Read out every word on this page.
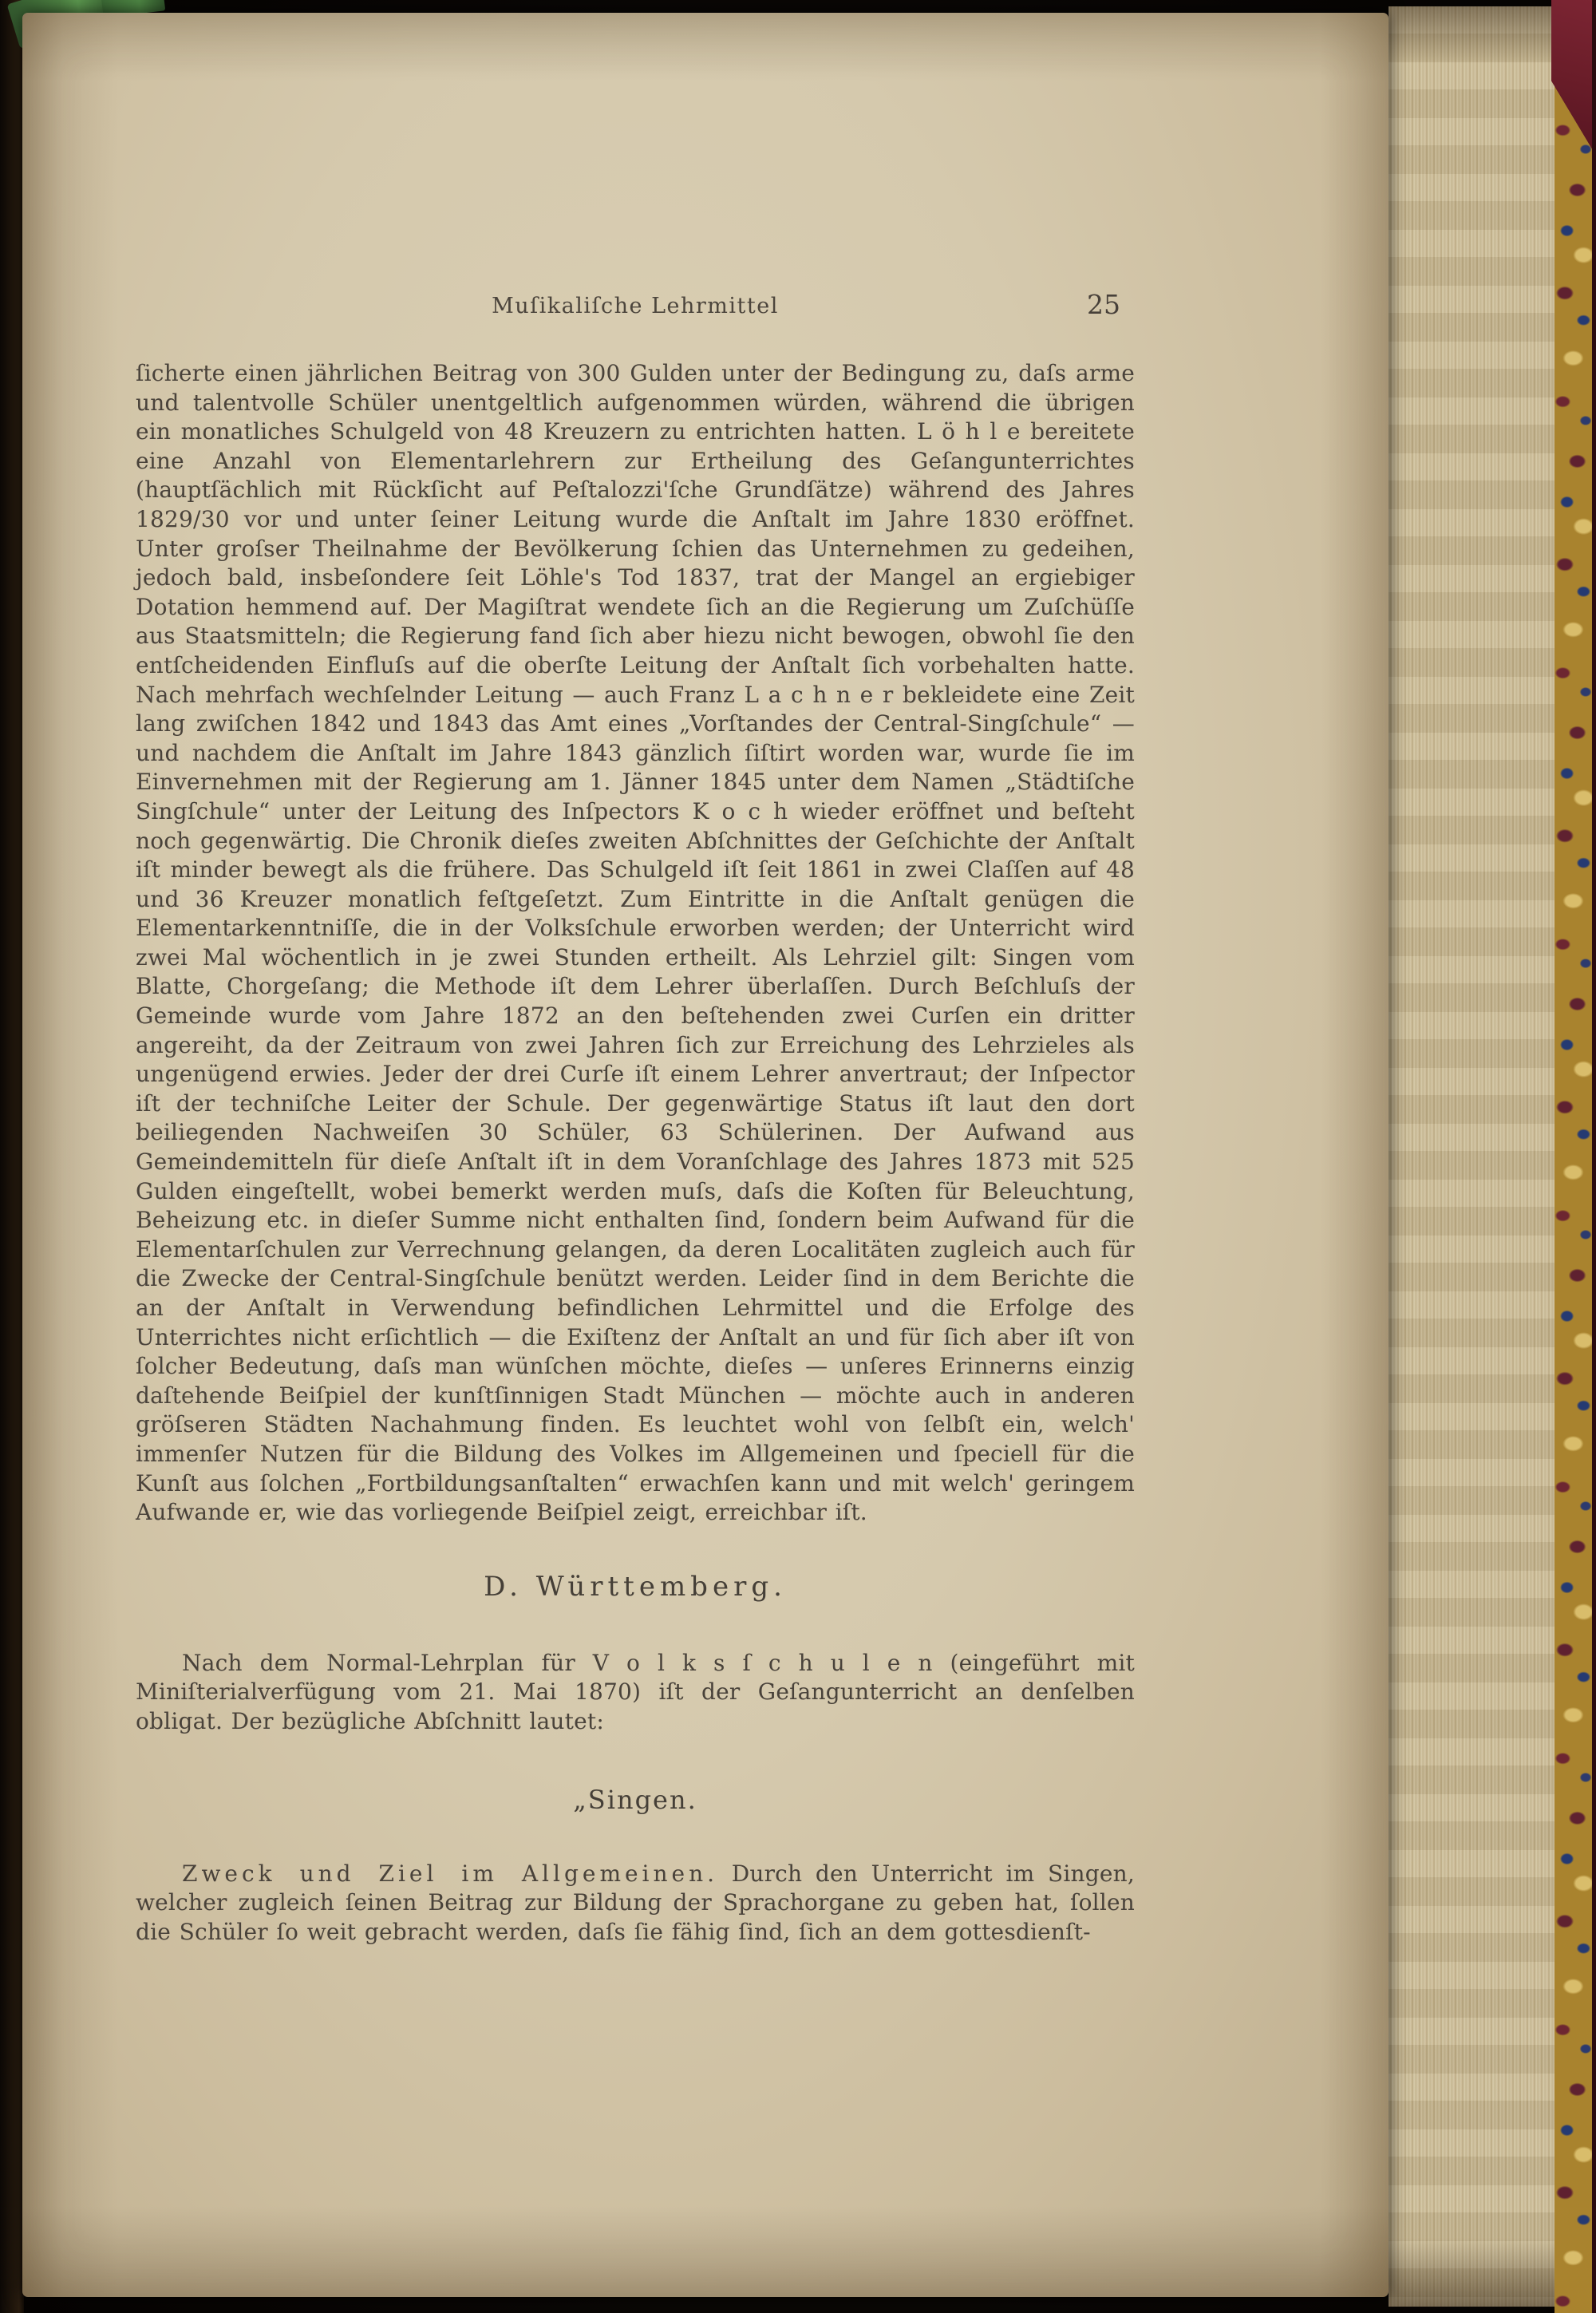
Muſikaliſche Lehrmittel	25

ſicherte einen jährlichen Beitrag von 300 Gulden unter der Bedingung zu, daſs arme und talentvolle Schüler unentgeltlich aufgenommen würden, während die übrigen ein monatliches Schulgeld von 48 Kreuzern zu entrichten hatten. L ö h l e bereitete eine Anzahl von Elementarlehrern zur Ertheilung des Geſangunterrichtes (hauptſächlich mit Rückſicht auf Peſtalozzi'ſche Grundſätze) während des Jahres 1829/30 vor und unter ſeiner Leitung wurde die Anſtalt im Jahre 1830 eröffnet. Unter groſser Theilnahme der Bevölkerung ſchien das Unternehmen zu gedeihen, jedoch bald, insbeſondere ſeit Löhle's Tod 1837, trat der Mangel an ergiebiger Dotation hemmend auf. Der Magiſtrat wendete ſich an die Regierung um Zuſchüſſe aus Staatsmitteln; die Regierung fand ſich aber hiezu nicht bewogen, obwohl ſie den entſcheidenden Einfluſs auf die oberſte Leitung der Anſtalt ſich vorbehalten hatte. Nach mehrfach wechſelnder Leitung — auch Franz L a c h n e r bekleidete eine Zeit lang zwiſchen 1842 und 1843 das Amt eines „Vorſtandes der Central-Singſchule“ — und nachdem die Anſtalt im Jahre 1843 gänzlich ſiſtirt worden war, wurde ſie im Einvernehmen mit der Regierung am 1. Jänner 1845 unter dem Namen „Städtiſche Singſchule“ unter der Leitung des Inſpectors K o c h wieder eröffnet und beſteht noch gegenwärtig. Die Chronik dieſes zweiten Abſchnittes der Geſchichte der Anſtalt iſt minder bewegt als die frühere. Das Schulgeld iſt ſeit 1861 in zwei Claſſen auf 48 und 36 Kreuzer monatlich feſtgeſetzt. Zum Eintritte in die Anſtalt genügen die Elementarkenntniſſe, die in der Volksſchule erworben werden; der Unterricht wird zwei Mal wöchentlich in je zwei Stunden ertheilt. Als Lehrziel gilt: Singen vom Blatte, Chorgeſang; die Methode iſt dem Lehrer überlaſſen. Durch Beſchluſs der Gemeinde wurde vom Jahre 1872 an den beſtehenden zwei Curſen ein dritter angereiht, da der Zeitraum von zwei Jahren ſich zur Erreichung des Lehrzieles als ungenügend erwies. Jeder der drei Curſe iſt einem Lehrer anvertraut; der Inſpector iſt der techniſche Leiter der Schule. Der gegenwärtige Status iſt laut den dort beiliegenden Nachweiſen 30 Schüler, 63 Schülerinen. Der Aufwand aus Gemeindemitteln für dieſe Anſtalt iſt in dem Voranſchlage des Jahres 1873 mit 525 Gulden eingeſtellt, wobei bemerkt werden muſs, daſs die Koſten für Beleuchtung, Beheizung etc. in dieſer Summe nicht enthalten ſind, ſondern beim Aufwand für die Elementarſchulen zur Verrechnung gelangen, da deren Localitäten zugleich auch für die Zwecke der Central-Singſchule benützt werden. Leider ſind in dem Berichte die an der Anſtalt in Verwendung befindlichen Lehrmittel und die Erfolge des Unterrichtes nicht erſichtlich — die Exiſtenz der Anſtalt an und für ſich aber iſt von ſolcher Bedeutung, daſs man wünſchen möchte, dieſes — unſeres Erinnerns einzig daſtehende Beiſpiel der kunſtſinnigen Stadt München — möchte auch in anderen gröſseren Städten Nachahmung finden. Es leuchtet wohl von ſelbſt ein, welch' immenſer Nutzen für die Bildung des Volkes im Allgemeinen und ſpeciell für die Kunſt aus ſolchen „Fortbildungsanſtalten“ erwachſen kann und mit welch' geringem Aufwande er, wie das vorliegende Beiſpiel zeigt, erreichbar iſt.

D. Württemberg.

Nach dem Normal-Lehrplan für V o l k s ſ c h u l e n (eingeführt mit Miniſterialverfügung vom 21. Mai 1870) iſt der Geſangunterricht an denſelben obligat. Der bezügliche Abſchnitt lautet:

„Singen.

Zweck und Ziel im Allgemeinen. Durch den Unterricht im Singen, welcher zugleich ſeinen Beitrag zur Bildung der Sprachorgane zu geben hat, ſollen die Schüler ſo weit gebracht werden, daſs ſie fähig ſind, ſich an dem gottesdienſt-
